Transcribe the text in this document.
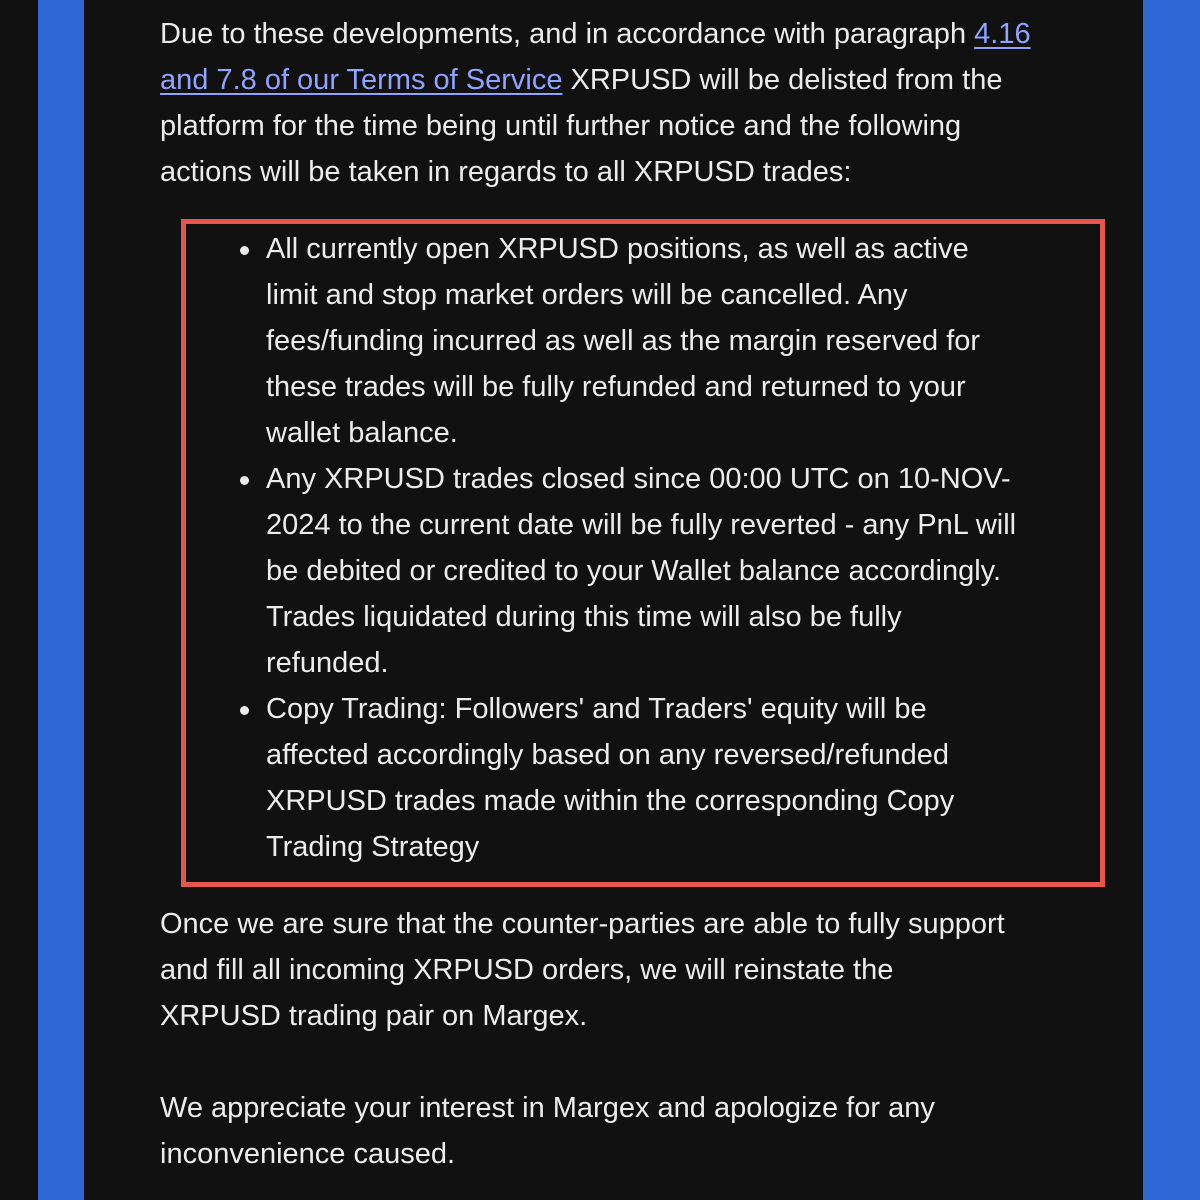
Due to these developments, and in accordance with paragraph 4.16
and 7.8 of our Terms of Service XRPUSD will be delisted from the
platform for the time being until further notice and the following
actions will be taken in regards to all XRPUSD trades:

All currently open XRPUSD positions, as well as active
limit and stop market orders will be cancelled. Any
fees/funding incurred as well as the margin reserved for
these trades will be fully refunded and returned to your
wallet balance.
Any XRPUSD trades closed since 00:00 UTC on 10-NOV-
2024 to the current date will be fully reverted - any PnL will
be debited or credited to your Wallet balance accordingly.
Trades liquidated during this time will also be fully
refunded.
Copy Trading: Followers' and Traders' equity will be
affected accordingly based on any reversed/refunded
XRPUSD trades made within the corresponding Copy
Trading Strategy

Once we are sure that the counter-parties are able to fully support
and fill all incoming XRPUSD orders, we will reinstate the
XRPUSD trading pair on Margex.

We appreciate your interest in Margex and apologize for any
inconvenience caused.
